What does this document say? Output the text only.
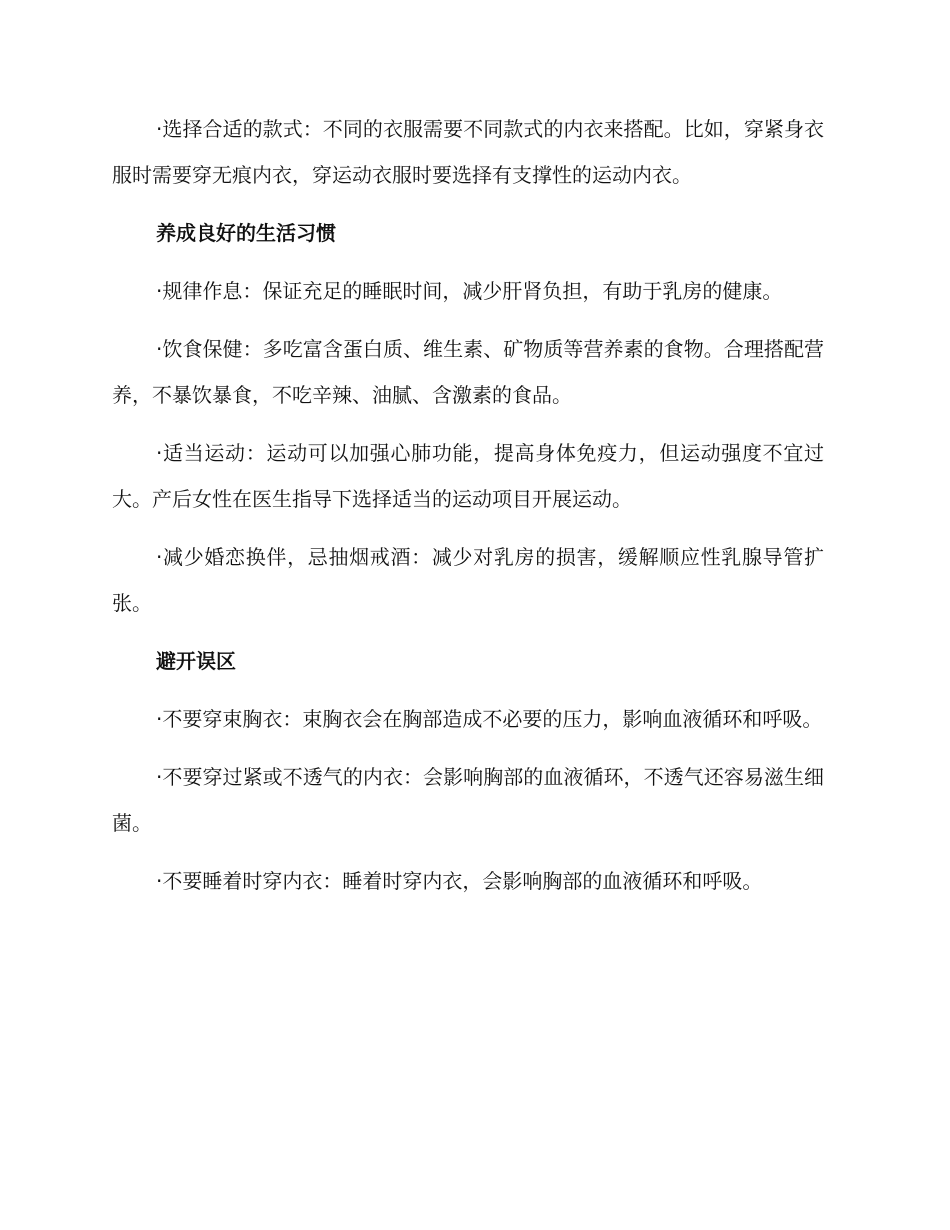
·选择合适的款式：不同的衣服需要不同款式的内衣来搭配。比如，穿紧身衣服时需要穿无痕内衣，穿运动衣服时要选择有支撑性的运动内衣。

养成良好的生活习惯

·规律作息：保证充足的睡眠时间，减少肝肾负担，有助于乳房的健康。

·饮食保健：多吃富含蛋白质、维生素、矿物质等营养素的食物。合理搭配营养，不暴饮暴食，不吃辛辣、油腻、含激素的食品。

·适当运动：运动可以加强心肺功能，提高身体免疫力，但运动强度不宜过大。产后女性在医生指导下选择适当的运动项目开展运动。

·减少婚恋换伴，忌抽烟戒酒：减少对乳房的损害，缓解顺应性乳腺导管扩张。

避开误区

·不要穿束胸衣：束胸衣会在胸部造成不必要的压力，影响血液循环和呼吸。

·不要穿过紧或不透气的内衣：会影响胸部的血液循环，不透气还容易滋生细菌。

·不要睡着时穿内衣：睡着时穿内衣，会影响胸部的血液循环和呼吸。
